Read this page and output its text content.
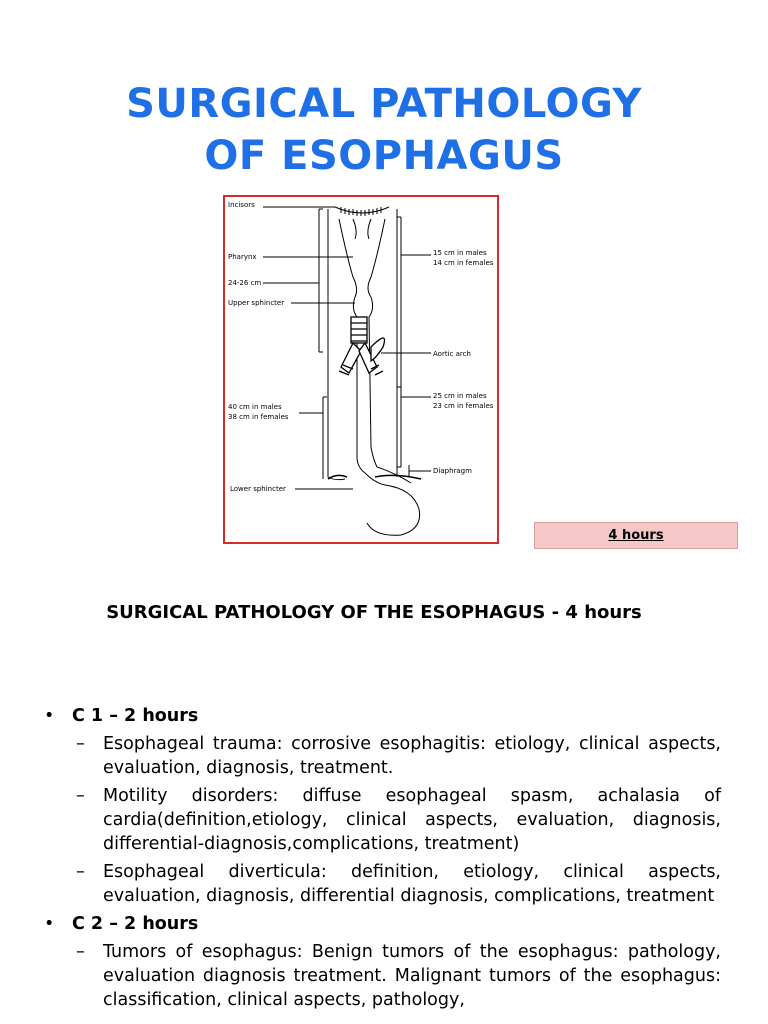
SURGICAL PATHOLOGY
OF ESOPHAGUS
Incisors
Pharynx
24-26 cm
Upper sphincter
15 cm in males
14 cm in females
Aortic arch
25 cm in males
23 cm in females
40 cm in males
38 cm in females
Diaphragm
Lower sphincter
4 hours
SURGICAL PATHOLOGY OF THE ESOPHAGUS - 4 hours
• C 1 – 2 hours
– Esophageal trauma: corrosive esophagitis: etiology, clinical aspects, evaluation, diagnosis, treatment.
– Motility disorders: diffuse esophageal spasm, achalasia of cardia(definition,etiology, clinical aspects, evaluation, diagnosis, differential-diagnosis,complications, treatment)
– Esophageal diverticula: definition, etiology, clinical aspects, evaluation, diagnosis, differential diagnosis, complications, treatment
• C 2 – 2 hours
– Tumors of esophagus: Benign tumors of the esophagus: pathology, evaluation diagnosis treatment. Malignant tumors of the esophagus: classification, clinical aspects, pathology,
